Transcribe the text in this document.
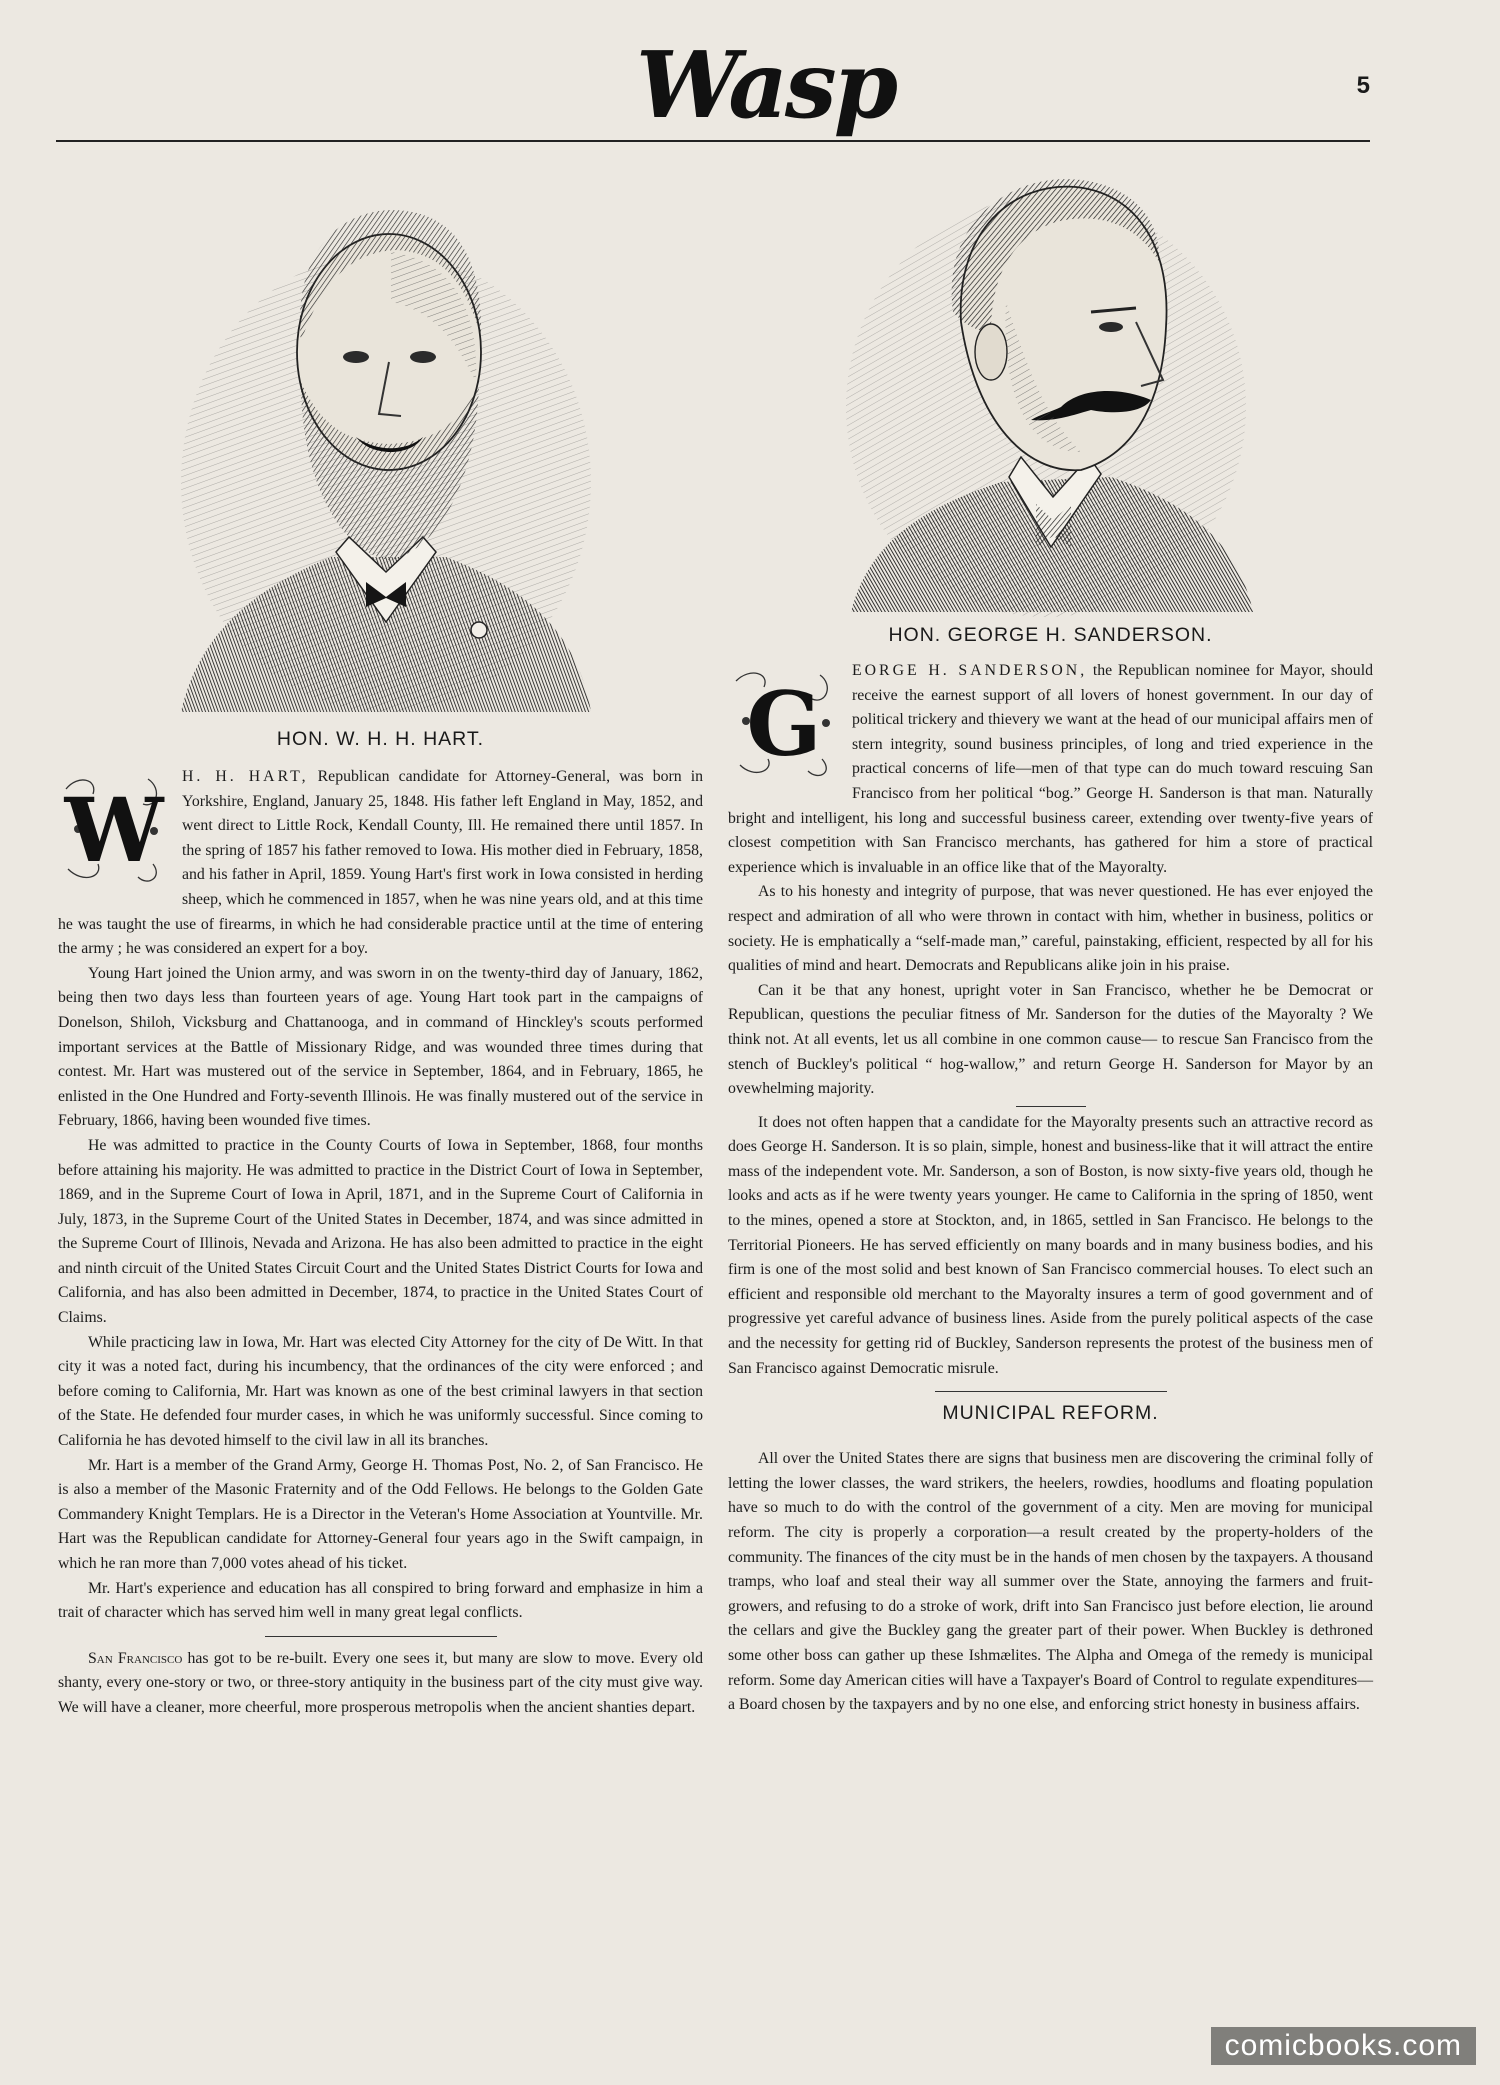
Wasp	5

HON. W. H. H. HART.

W
H. H. HART, Republican candidate for Attorney-General, was born in Yorkshire, England, January 25, 1848. His father left England in May, 1852, and went direct to Little Rock, Kendall County, Ill. He remained there until 1857. In the spring of 1857 his father removed to Iowa. His mother died in February, 1858, and his father in April, 1859. Young Hart's first work in Iowa consisted in herding sheep, which he commenced in 1857, when he was nine years old, and at this time he was taught the use of firearms, in which he had considerable practice until at the time of entering the army ; he was considered an expert for a boy.

Young Hart joined the Union army, and was sworn in on the twenty-third day of January, 1862, being then two days less than fourteen years of age. Young Hart took part in the campaigns of Donelson, Shiloh, Vicksburg and Chattanooga, and in command of Hinckley's scouts performed important services at the Battle of Missionary Ridge, and was wounded three times during that contest. Mr. Hart was mustered out of the service in September, 1864, and in February, 1865, he enlisted in the One Hundred and Forty-seventh Illinois. He was finally mustered out of the service in February, 1866, having been wounded five times.

He was admitted to practice in the County Courts of Iowa in September, 1868, four months before attaining his majority. He was admitted to practice in the District Court of Iowa in September, 1869, and in the Supreme Court of Iowa in April, 1871, and in the Supreme Court of California in July, 1873, in the Supreme Court of the United States in December, 1874, and was since admitted in the Supreme Court of Illinois, Nevada and Arizona. He has also been admitted to practice in the eight and ninth circuit of the United States Circuit Court and the United States District Courts for Iowa and California, and has also been admitted in December, 1874, to practice in the United States Court of Claims.

While practicing law in Iowa, Mr. Hart was elected City Attorney for the city of De Witt. In that city it was a noted fact, during his incumbency, that the ordinances of the city were enforced ; and before coming to California, Mr. Hart was known as one of the best criminal lawyers in that section of the State. He defended four murder cases, in which he was uniformly successful. Since coming to California he has devoted himself to the civil law in all its branches.

Mr. Hart is a member of the Grand Army, George H. Thomas Post, No. 2, of San Francisco. He is also a member of the Masonic Fraternity and of the Odd Fellows. He belongs to the Golden Gate Commandery Knight Templars. He is a Director in the Veteran's Home Association at Yountville. Mr. Hart was the Republican candidate for Attorney-General four years ago in the Swift campaign, in which he ran more than 7,000 votes ahead of his ticket.

Mr. Hart's experience and education has all conspired to bring forward and emphasize in him a trait of character which has served him well in many great legal conflicts.

San Francisco has got to be re-built. Every one sees it, but many are slow to move. Every old shanty, every one-story or two, or three-story antiquity in the business part of the city must give way. We will have a cleaner, more cheerful, more prosperous metropolis when the ancient shanties depart.

HON. GEORGE H. SANDERSON.

G
EORGE H. SANDERSON, the Republican nominee for Mayor, should receive the earnest support of all lovers of honest government. In our day of political trickery and thievery we want at the head of our municipal affairs men of stern integrity, sound business principles, of long and tried experience in the practical concerns of life—men of that type can do much toward rescuing San Francisco from her political “bog.” George H. Sanderson is that man. Naturally bright and intelligent, his long and successful business career, extending over twenty-five years of closest competition with San Francisco merchants, has gathered for him a store of practical experience which is invaluable in an office like that of the Mayoralty.

As to his honesty and integrity of purpose, that was never questioned. He has ever enjoyed the respect and admiration of all who were thrown in contact with him, whether in business, politics or society. He is emphatically a “self-made man,” careful, painstaking, efficient, respected by all for his qualities of mind and heart. Democrats and Republicans alike join in his praise.

Can it be that any honest, upright voter in San Francisco, whether he be Democrat or Republican, questions the peculiar fitness of Mr. Sanderson for the duties of the Mayoralty ? We think not. At all events, let us all combine in one common cause— to rescue San Francisco from the stench of Buckley's political “ hog-wallow,” and return George H. Sanderson for Mayor by an ovewhelming majority.

It does not often happen that a candidate for the Mayoralty presents such an attractive record as does George H. Sanderson. It is so plain, simple, honest and business-like that it will attract the entire mass of the independent vote. Mr. Sanderson, a son of Boston, is now sixty-five years old, though he looks and acts as if he were twenty years younger. He came to California in the spring of 1850, went to the mines, opened a store at Stockton, and, in 1865, settled in San Francisco. He belongs to the Territorial Pioneers. He has served efficiently on many boards and in many business bodies, and his firm is one of the most solid and best known of San Francisco commercial houses. To elect such an efficient and responsible old merchant to the Mayoralty insures a term of good government and of progressive yet careful advance of business lines. Aside from the purely political aspects of the case and the necessity for getting rid of Buckley, Sanderson represents the protest of the business men of San Francisco against Democratic misrule.

MUNICIPAL REFORM.

All over the United States there are signs that business men are discovering the criminal folly of letting the lower classes, the ward strikers, the heelers, rowdies, hoodlums and floating population have so much to do with the control of the government of a city. Men are moving for municipal reform. The city is properly a corporation—a result created by the property-holders of the community. The finances of the city must be in the hands of men chosen by the taxpayers. A thousand tramps, who loaf and steal their way all summer over the State, annoying the farmers and fruit-growers, and refusing to do a stroke of work, drift into San Francisco just before election, lie around the cellars and give the Buckley gang the greater part of their power. When Buckley is dethroned some other boss can gather up these Ishmælites. The Alpha and Omega of the remedy is municipal reform. Some day American cities will have a Taxpayer's Board of Control to regulate expenditures—a Board chosen by the taxpayers and by no one else, and enforcing strict honesty in business affairs.

comicbooks.com
